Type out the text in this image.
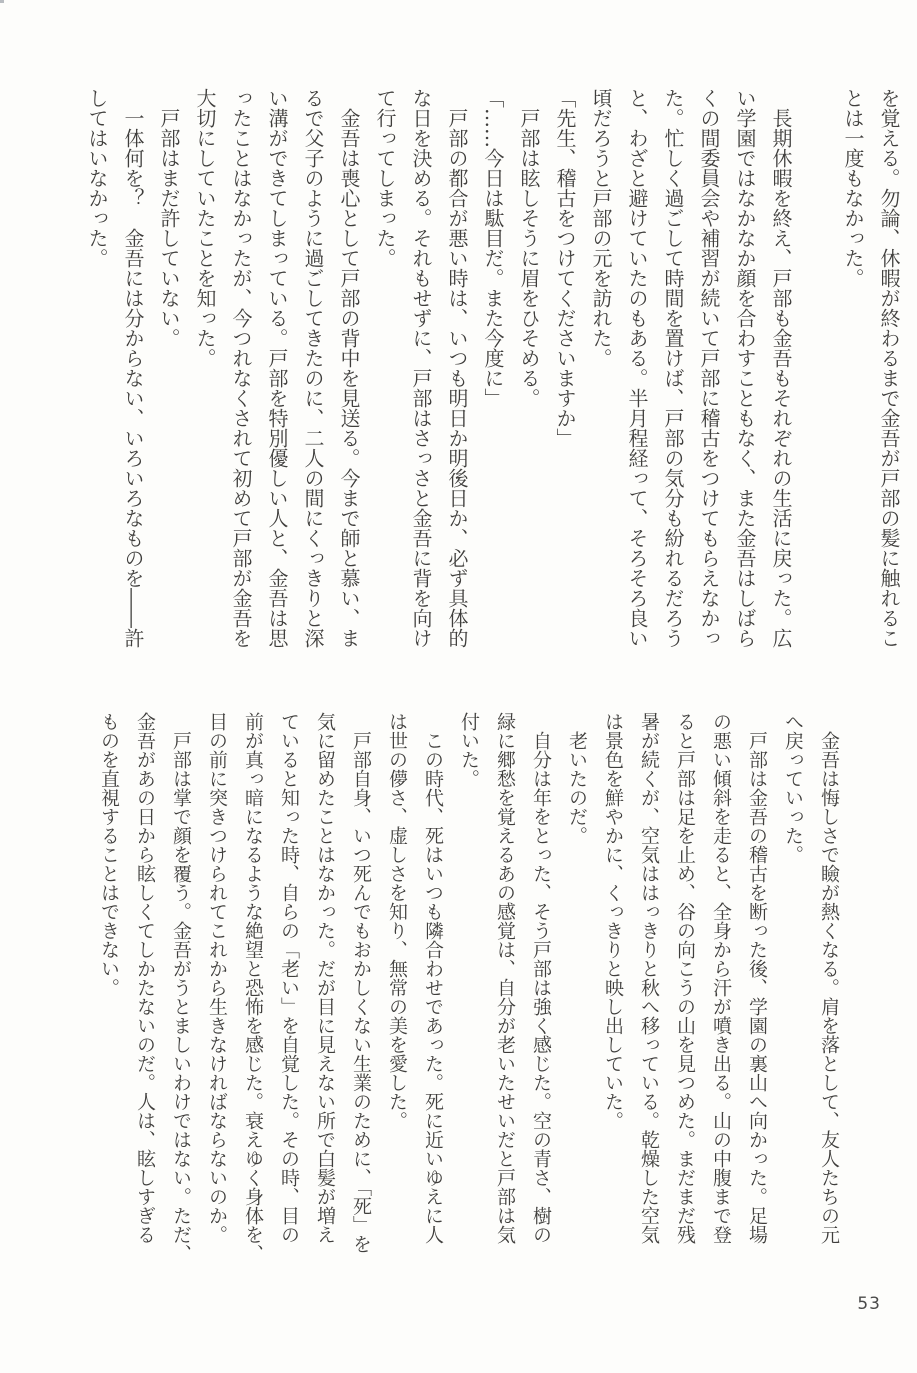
を覚える。勿論、休暇が終わるまで金吾が戸部の髪に触れるこ
とは一度もなかった。

　長期休暇を終え、戸部も金吾もそれぞれの生活に戻った。広
い学園ではなかなか顔を合わすこともなく、また金吾はしばら
くの間委員会や補習が続いて戸部に稽古をつけてもらえなかっ
た。忙しく過ごして時間を置けば、戸部の気分も紛れるだろう
と、わざと避けていたのもある。半月程経って、そろそろ良い
頃だろうと戸部の元を訪れた。
「先生、稽古をつけてくださいますか」
　戸部は眩しそうに眉をひそめる。
「……今日は駄目だ。また今度に」
　戸部の都合が悪い時は、いつも明日か明後日か、必ず具体的
な日を決める。それもせずに、戸部はさっさと金吾に背を向け
て行ってしまった。
　金吾は喪心として戸部の背中を見送る。今まで師と慕い、ま
るで父子のように過ごしてきたのに、二人の間にくっきりと深
い溝ができてしまっている。戸部を特別優しい人と、金吾は思
ったことはなかったが、今つれなくされて初めて戸部が金吾を
大切にしていたことを知った。
　戸部はまだ許していない。
　一体何を？　金吾には分からない、いろいろなものを――許
してはいなかった。
　金吾は悔しさで瞼が熱くなる。肩を落として、友人たちの元
へ戻っていった。
　戸部は金吾の稽古を断った後、学園の裏山へ向かった。足場
の悪い傾斜を走ると、全身から汗が噴き出る。山の中腹まで登
ると戸部は足を止め、谷の向こうの山を見つめた。まだまだ残
暑が続くが、空気ははっきりと秋へ移っている。乾燥した空気
は景色を鮮やかに、くっきりと映し出していた。
　老いたのだ。
　自分は年をとった、そう戸部は強く感じた。空の青さ、樹の
緑に郷愁を覚えるあの感覚は、自分が老いたせいだと戸部は気
付いた。
　この時代、死はいつも隣合わせであった。死に近いゆえに人
は世の儚さ、虚しさを知り、無常の美を愛した。
　戸部自身、いつ死んでもおかしくない生業のために、「死」を
気に留めたことはなかった。だが目に見えない所で白髪が増え
ていると知った時、自らの「老い」を自覚した。その時、目の
前が真っ暗になるような絶望と恐怖を感じた。衰えゆく身体を、
目の前に突きつけられてこれから生きなければならないのか。
　戸部は掌で顔を覆う。金吾がうとましいわけではない。ただ、
金吾があの日から眩しくてしかたないのだ。人は、眩しすぎる
ものを直視することはできない。
53
